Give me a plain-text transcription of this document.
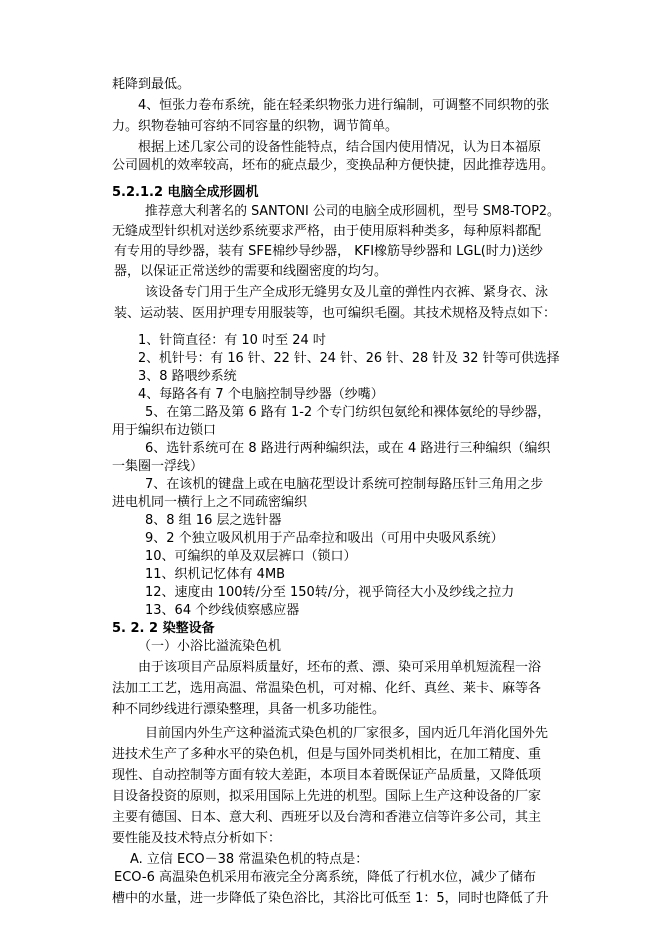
耗降到最低。
4、恒张力卷布系统，能在轻柔织物张力进行编制，可调整不同织物的张
力。织物卷轴可容纳不同容量的织物，调节简单。
根据上述几家公司的设备性能特点，结合国内使用情况，认为日本福原
公司圆机的效率较高，坯布的疵点最少，变换品种方便快捷，因此推荐选用。
5.2.1.2 电脑全成形圆机
推荐意大利著名的 SANTONI 公司的电脑全成形圆机，型号 SM8-TOP2。
无缝成型针织机对送纱系统要求严格，由于使用原料种类多，每种原料都配
有专用的导纱器，装有 SFE棉纱导纱器， KFI橡筋导纱器和 LGL(时力)送纱
器，以保证正常送纱的需要和线圈密度的均匀。
该设备专门用于生产全成形无缝男女及儿童的弹性内衣裤、紧身衣、泳
装、运动装、医用护理专用服装等，也可编织毛圈。其技术规格及特点如下：
1、针筒直径：有 10 吋至 24 吋
2、机针号：有 16 针、22 针、24 针、26 针、28 针及 32 针等可供选择
3、8 路喂纱系统
4、每路各有 7 个电脑控制导纱器（纱嘴）
5、在第二路及第 6 路有 1-2 个专门纺织包氨纶和裸体氨纶的导纱器，
用于编织布边锁口
6、选针系统可在 8 路进行两种编织法，或在 4 路进行三种编织（编织
一集圈一浮线）
7、在该机的键盘上或在电脑花型设计系统可控制每路压针三角用之步
进电机同一横行上之不同疏密编织
8、8 组 16 层之选针器
9、2 个独立吸风机用于产品牵拉和吸出（可用中央吸风系统）
10、可编织的单及双层裤口（锁口）
11、织机记忆体有 4MB
12、速度由 100转/分至 150转/分，视乎筒径大小及纱线之拉力
13、64 个纱线侦察感应器
5. 2. 2 染整设备
（一）小浴比溢流染色机
由于该项目产品原料质量好，坯布的煮、漂、染可采用单机短流程一浴
法加工工艺，选用高温、常温染色机，可对棉、化纤、真丝、莱卡、麻等各
种不同纱线进行漂染整理，具备一机多功能性。
目前国内外生产这种溢流式染色机的厂家很多，国内近几年消化国外先
进技术生产了多种水平的染色机，但是与国外同类机相比，在加工精度、重
现性、自动控制等方面有较大差距，本项目本着既保证产品质量，又降低项
目设备投资的原则，拟采用国际上先进的机型。国际上生产这种设备的厂家
主要有德国、日本、意大利、西班牙以及台湾和香港立信等许多公司，其主
要性能及技术特点分析如下：
A. 立信 ECO－38 常温染色机的特点是：
ECO-6 高温染色机采用布液完全分离系统，降低了行机水位，减少了储布
槽中的水量，进一步降低了染色浴比，其浴比可低至 1：5，同时也降低了升
